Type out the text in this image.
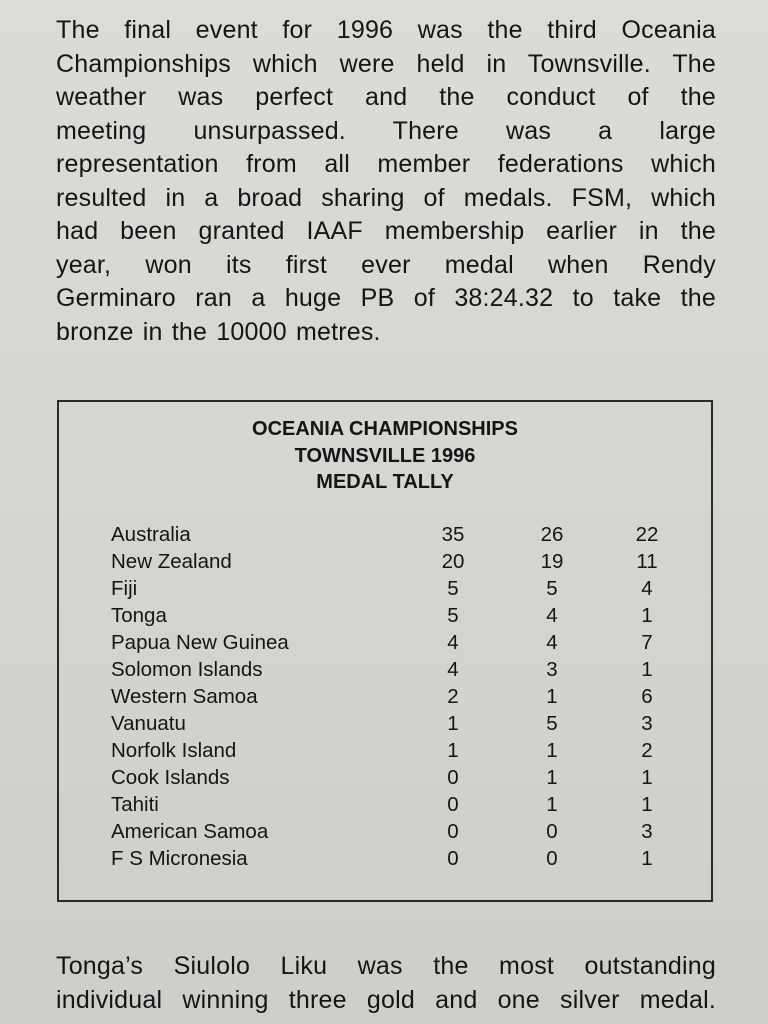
The final event for 1996 was the third Oceania
Championships which were held in Townsville. The
weather was perfect and the conduct of the
meeting unsurpassed. There was a large
representation from all member federations which
resulted in a broad sharing of medals. FSM, which
had been granted IAAF membership earlier in the
year, won its first ever medal when Rendy
Germinaro ran a huge PB of 38:24.32 to take the
bronze in the 10000 metres.

OCEANIA CHAMPIONSHIPS
TOWNSVILLE 1996
MEDAL TALLY

Australia	35	26	22
New Zealand	20	19	11
Fiji	5	5	4
Tonga	5	4	1
Papua New Guinea	4	4	7
Solomon Islands	4	3	1
Western Samoa	2	1	6
Vanuatu	1	5	3
Norfolk Island	1	1	2
Cook Islands	0	1	1
Tahiti	0	1	1
American Samoa	0	0	3
F S Micronesia	0	0	1

Tonga’s Siulolo Liku was the most outstanding
individual winning three gold and one silver medal.
